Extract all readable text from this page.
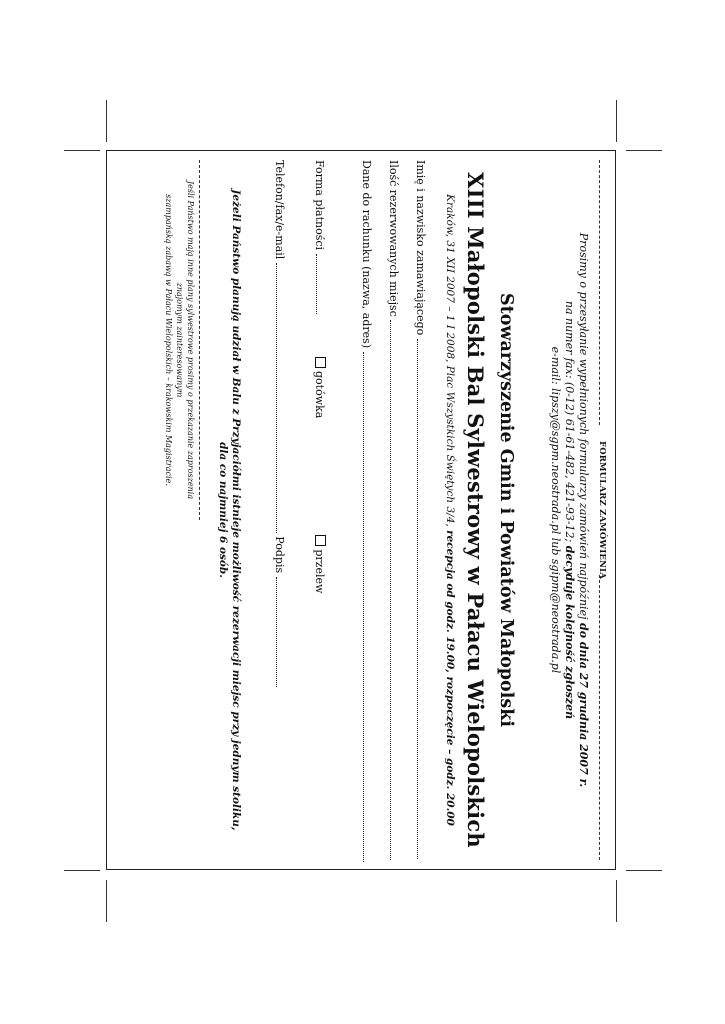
FORMULARZ ZAMÓWIENIA
Prosimy o przesyłanie wypełnionych formularzy zamówień najpóźniej do dnia 27 grudnia 2007 r.
na numer fax: (0-12) 61-61-482, 421-93-12; decyduje kolejność zgłoszeń
e-mail: lipszy@sgpm.neostrada.pl lub sgipm@neostrada.pl
Stowarzyszenie Gmin i Powiatów Małopolski
XIII Małopolski Bal Sylwestrowy w Pałacu Wielopolskich
Kraków, 31 XII 2007 – 1 I 2008, Plac Wszystkich Świętych 3/4, recepcja od godz. 19.00, rozpoczęcie – godz. 20.00
Imię i nazwisko zamawiającego
Ilość rezerwowanych miejsc
Dane do rachunku (nazwa, adres)
Forma płatności  gotówka  przelew
Telefon/fax/e-mail  Podpis
Jeżeli Państwo planują udział w Balu z Przyjaciółmi istnieje możliwość rezerwacji miejsc przy jednym stoliku,
dla co najmniej 6 osób.
Jeśli Państwo mają inne plany sylwestrowe prosimy o przekazanie zaproszenia znajomym zainteresowanym
szampańską zabawą w Pałacu Wielopolskich – krakowskim Magistracie.
